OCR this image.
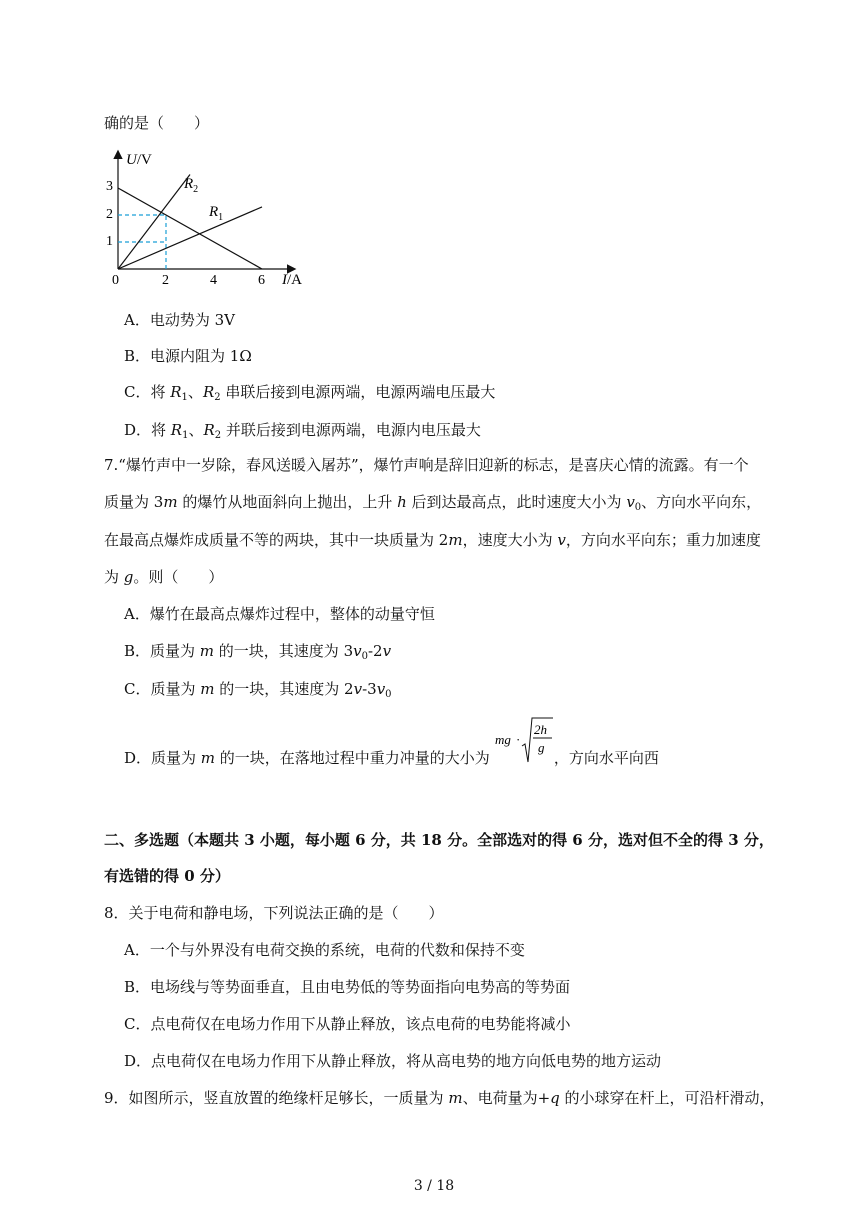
确的是（　　）
U/V
I/A
3
2
1
0	2	4	6
$R_2$
$R_1$
A．电动势为 3V
B．电源内阻为 1Ω
C．将 $R_1$、$R_2$ 串联后接到电源两端，电源两端电压最大
D．将 $R_1$、$R_2$ 并联后接到电源两端，电源内电压最大
7.“爆竹声中一岁除，春风送暖入屠苏”，爆竹声响是辞旧迎新的标志，是喜庆心情的流露。有一个
质量为 3m 的爆竹从地面斜向上抛出，上升 h 后到达最高点，此时速度大小为 $v_0$、方向水平向东，
在最高点爆炸成质量不等的两块，其中一块质量为 2m，速度大小为 v，方向水平向东；重力加速度
为 g。则（　　）
A．爆竹在最高点爆炸过程中，整体的动量守恒
B．质量为 m 的一块，其速度为 $3v_0-2v$
C．质量为 m 的一块，其速度为 $2v-3v_0$
D．质量为 m 的一块，在落地过程中重力冲量的大小为	，方向水平向西
mg ·
2h
g
二、多选题（本题共 3 小题，每小题 6 分，共 18 分。全部选对的得 6 分，选对但不全的得 3 分，
有选错的得 0 分）
8．关于电荷和静电场，下列说法正确的是（　　）
A．一个与外界没有电荷交换的系统，电荷的代数和保持不变
B．电场线与等势面垂直，且由电势低的等势面指向电势高的等势面
C．点电荷仅在电场力作用下从静止释放，该点电荷的电势能将减小
D．点电荷仅在电场力作用下从静止释放，将从高电势的地方向低电势的地方运动
9．如图所示，竖直放置的绝缘杆足够长，一质量为 m、电荷量为+q 的小球穿在杆上，可沿杆滑动，
3 / 18
